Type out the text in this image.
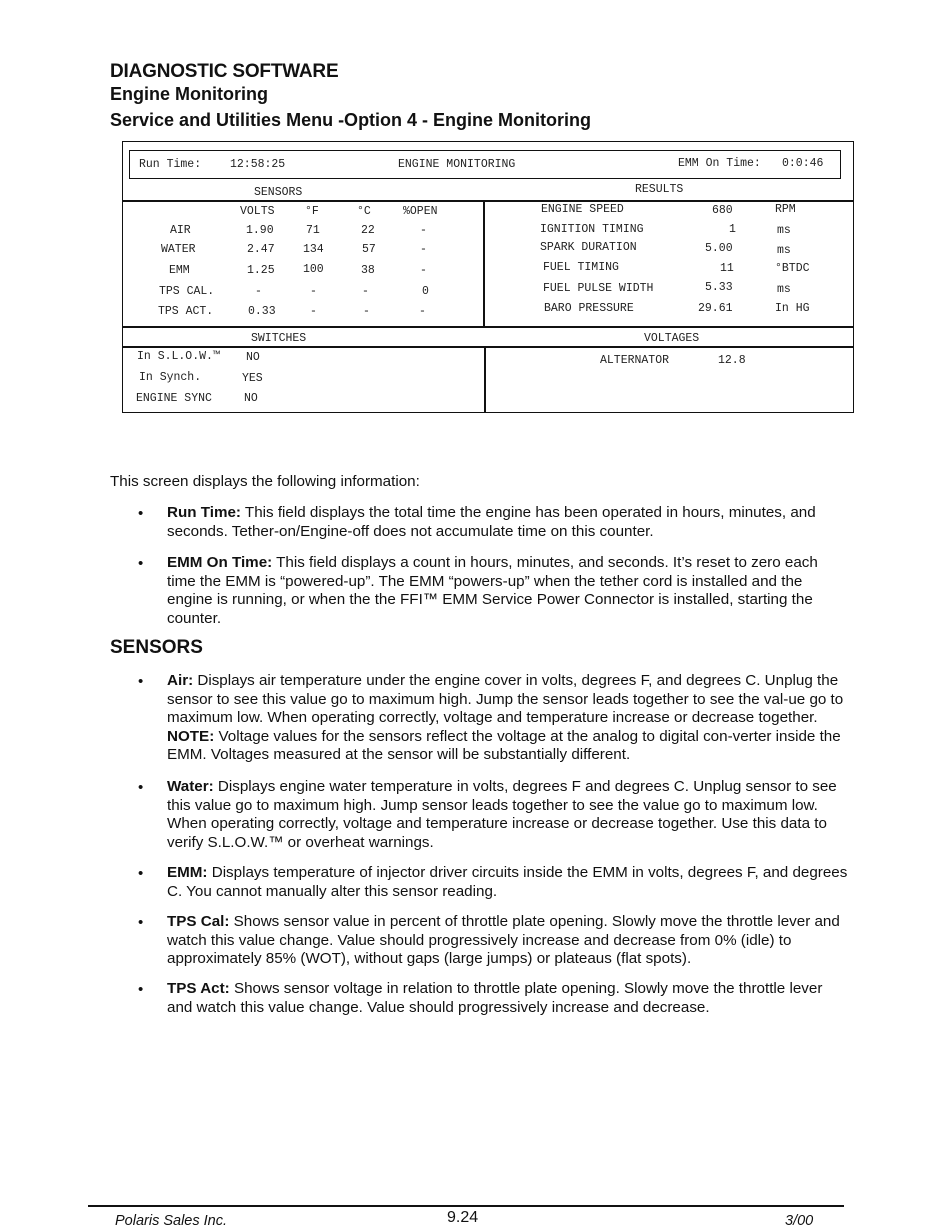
DIAGNOSTIC SOFTWARE
Engine Monitoring
Service and Utilities Menu -Option 4 - Engine Monitoring
Run Time:	12:58:25	ENGINE MONITORING	EMM On Time: 0:0:46
SENSORS	RESULTS
SWITCHES	VOLTAGES
VOLTS	°F	°C	%OPEN
AIR	1.90	71	22	-
WATER	2.47 134	57	-
EMM	1.25 100	38	-
TPS CAL.	-	-	-	0
TPS ACT.	0.33	-	-	-
ENGINE SPEED	680	RPM
IGNITION TIMING	1	ms
SPARK DURATION	5.00	ms
FUEL TIMING	11	°BTDC
FUEL PULSE WIDTH	5.33	ms
BARO PRESSURE	29.61	In HG
In S.L.O.W.™ NO
In Synch.	YES
ENGINE SYNC	NO
ALTERNATOR	12.8
This screen displays the following information:
• Run Time: This field displays the total time the engine has been operated in hours, minutes, and seconds. Tether-on/Engine-off does not accumulate time on this counter.
• EMM On Time: This field displays a count in hours, minutes, and seconds. It’s reset to zero each time the EMM is “powered-up”. The EMM “powers-up” when the tether cord is installed and the engine is running, or when the the FFI™ EMM Service Power Connector is installed, starting the counter.
SENSORS
• Air: Displays air temperature under the engine cover in volts, degrees F, and degrees C. Unplug the sensor to see this value go to maximum high. Jump the sensor leads together to see the val-ue go to maximum low. When operating correctly, voltage and temperature increase or decrease together. NOTE: Voltage values for the sensors reflect the voltage at the analog to digital con-verter inside the EMM. Voltages measured at the sensor will be substantially different.
• Water: Displays engine water temperature in volts, degrees F and degrees C. Unplug sensor to see this value go to maximum high. Jump sensor leads together to see the value go to maximum low. When operating correctly, voltage and temperature increase or decrease together. Use this data to verify S.L.O.W.™ or overheat warnings.
• EMM: Displays temperature of injector driver circuits inside the EMM in volts, degrees F, and degrees C. You cannot manually alter this sensor reading.
• TPS Cal: Shows sensor value in percent of throttle plate opening. Slowly move the throttle lever and watch this value change. Value should progressively increase and decrease from 0% (idle) to approximately 85% (WOT), without gaps (large jumps) or plateaus (flat spots).
• TPS Act: Shows sensor voltage in relation to throttle plate opening. Slowly move the throttle lever and watch this value change. Value should progressively increase and decrease.
Polaris Sales Inc.	9.24	3/00
